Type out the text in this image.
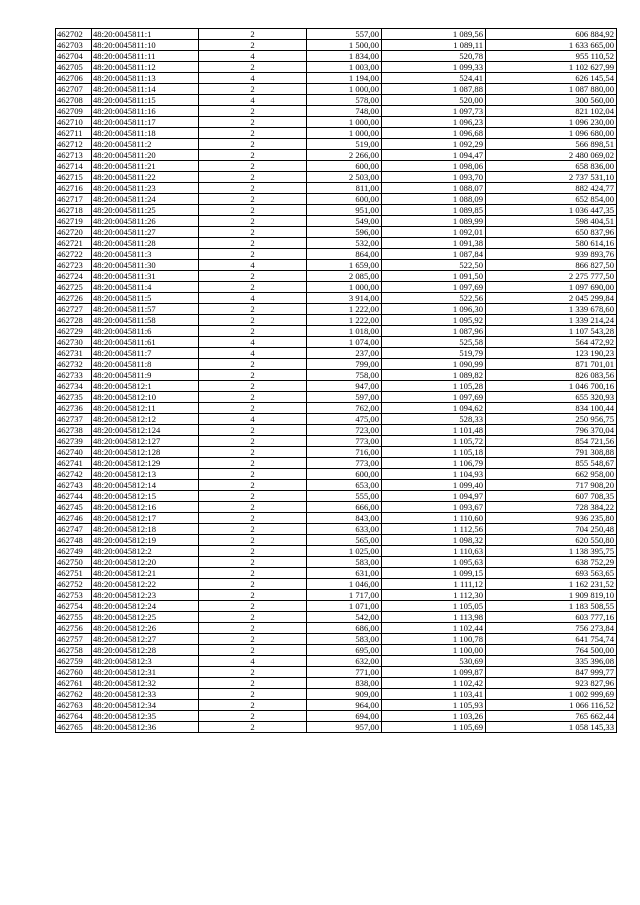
462702	48:20:0045811:1	2	557,00	1 089,56	606 884,92
462703	48:20:0045811:10	2	1 500,00	1 089,11	1 633 665,00
462704	48:20:0045811:11	4	1 834,00	520,78	955 110,52
462705	48:20:0045811:12	2	1 003,00	1 099,33	1 102 627,99
462706	48:20:0045811:13	4	1 194,00	524,41	626 145,54
462707	48:20:0045811:14	2	1 000,00	1 087,88	1 087 880,00
462708	48:20:0045811:15	4	578,00	520,00	300 560,00
462709	48:20:0045811:16	2	748,00	1 097,73	821 102,04
462710	48:20:0045811:17	2	1 000,00	1 096,23	1 096 230,00
462711	48:20:0045811:18	2	1 000,00	1 096,68	1 096 680,00
462712	48:20:0045811:2	2	519,00	1 092,29	566 898,51
462713	48:20:0045811:20	2	2 266,00	1 094,47	2 480 069,02
462714	48:20:0045811:21	2	600,00	1 098,06	658 836,00
462715	48:20:0045811:22	2	2 503,00	1 093,70	2 737 531,10
462716	48:20:0045811:23	2	811,00	1 088,07	882 424,77
462717	48:20:0045811:24	2	600,00	1 088,09	652 854,00
462718	48:20:0045811:25	2	951,00	1 089,85	1 036 447,35
462719	48:20:0045811:26	2	549,00	1 089,99	598 404,51
462720	48:20:0045811:27	2	596,00	1 092,01	650 837,96
462721	48:20:0045811:28	2	532,00	1 091,38	580 614,16
462722	48:20:0045811:3	2	864,00	1 087,84	939 893,76
462723	48:20:0045811:30	4	1 659,00	522,50	866 827,50
462724	48:20:0045811:31	2	2 085,00	1 091,50	2 275 777,50
462725	48:20:0045811:4	2	1 000,00	1 097,69	1 097 690,00
462726	48:20:0045811:5	4	3 914,00	522,56	2 045 299,84
462727	48:20:0045811:57	2	1 222,00	1 096,30	1 339 678,60
462728	48:20:0045811:58	2	1 222,00	1 095,92	1 339 214,24
462729	48:20:0045811:6	2	1 018,00	1 087,96	1 107 543,28
462730	48:20:0045811:61	4	1 074,00	525,58	564 472,92
462731	48:20:0045811:7	4	237,00	519,79	123 190,23
462732	48:20:0045811:8	2	799,00	1 090,99	871 701,01
462733	48:20:0045811:9	2	758,00	1 089,82	826 083,56
462734	48:20:0045812:1	2	947,00	1 105,28	1 046 700,16
462735	48:20:0045812:10	2	597,00	1 097,69	655 320,93
462736	48:20:0045812:11	2	762,00	1 094,62	834 100,44
462737	48:20:0045812:12	4	475,00	528,33	250 956,75
462738	48:20:0045812:124	2	723,00	1 101,48	796 370,04
462739	48:20:0045812:127	2	773,00	1 105,72	854 721,56
462740	48:20:0045812:128	2	716,00	1 105,18	791 308,88
462741	48:20:0045812:129	2	773,00	1 106,79	855 548,67
462742	48:20:0045812:13	2	600,00	1 104,93	662 958,00
462743	48:20:0045812:14	2	653,00	1 099,40	717 908,20
462744	48:20:0045812:15	2	555,00	1 094,97	607 708,35
462745	48:20:0045812:16	2	666,00	1 093,67	728 384,22
462746	48:20:0045812:17	2	843,00	1 110,60	936 235,80
462747	48:20:0045812:18	2	633,00	1 112,56	704 250,48
462748	48:20:0045812:19	2	565,00	1 098,32	620 550,80
462749	48:20:0045812:2	2	1 025,00	1 110,63	1 138 395,75
462750	48:20:0045812:20	2	583,00	1 095,63	638 752,29
462751	48:20:0045812:21	2	631,00	1 099,15	693 563,65
462752	48:20:0045812:22	2	1 046,00	1 111,12	1 162 231,52
462753	48:20:0045812:23	2	1 717,00	1 112,30	1 909 819,10
462754	48:20:0045812:24	2	1 071,00	1 105,05	1 183 508,55
462755	48:20:0045812:25	2	542,00	1 113,98	603 777,16
462756	48:20:0045812:26	2	686,00	1 102,44	756 273,84
462757	48:20:0045812:27	2	583,00	1 100,78	641 754,74
462758	48:20:0045812:28	2	695,00	1 100,00	764 500,00
462759	48:20:0045812:3	4	632,00	530,69	335 396,08
462760	48:20:0045812:31	2	771,00	1 099,87	847 999,77
462761	48:20:0045812:32	2	838,00	1 102,42	923 827,96
462762	48:20:0045812:33	2	909,00	1 103,41	1 002 999,69
462763	48:20:0045812:34	2	964,00	1 105,93	1 066 116,52
462764	48:20:0045812:35	2	694,00	1 103,26	765 662,44
462765	48:20:0045812:36	2	957,00	1 105,69	1 058 145,33
